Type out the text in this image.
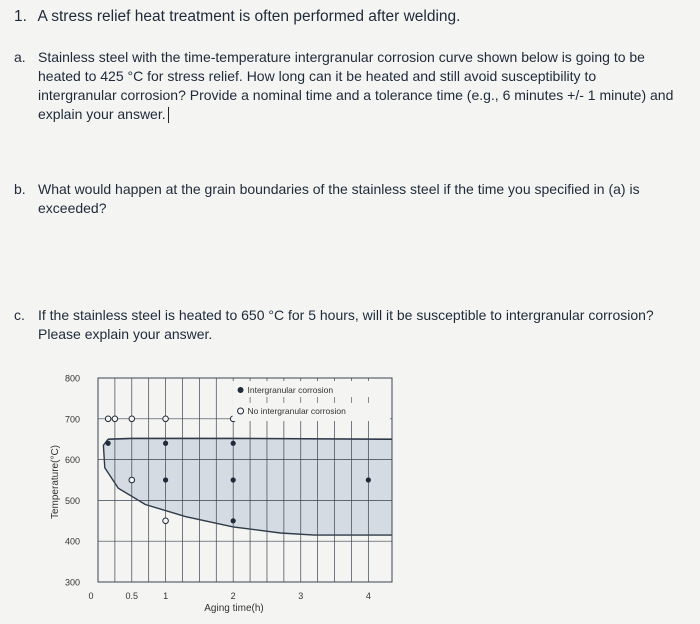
1. A stress relief heat treatment is often performed after welding.
a. Stainless steel with the time-temperature intergranular corrosion curve shown below is going to be heated to 425 °C for stress relief. How long can it be heated and still avoid susceptibility to intergranular corrosion? Provide a nominal time and a tolerance time (e.g., 6 minutes +/- 1 minute) and explain your answer.
b. What would happen at the grain boundaries of the stainless steel if the time you specified in (a) is exceeded?
c. If the stainless steel is heated to 650 °C for 5 hours, will it be susceptible to intergranular corrosion? Please explain your answer.
300
400
500
600
700
800
0	0.5	1	2	3	4
Intergranular corrosion
No intergranular corrosion
Aging time(h)
Temperature(°C)
